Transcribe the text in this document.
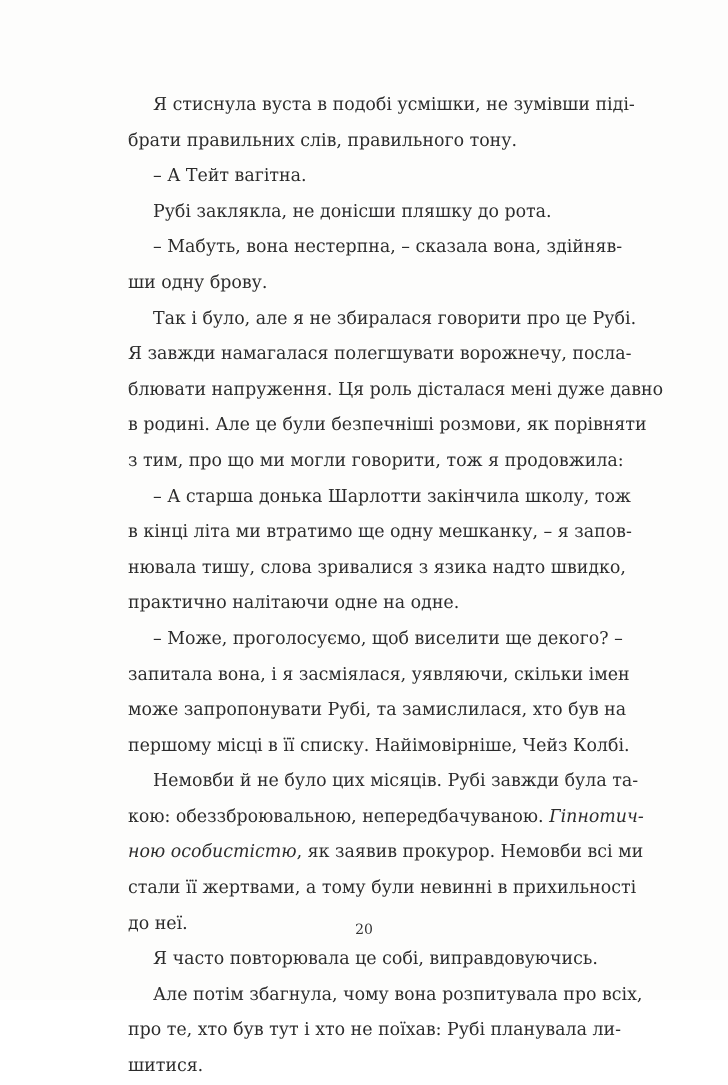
Я стиснула вуста в подобі усмішки, не зумівши піді-
брати правильних слів, правильного тону.
– А Тейт вагітна.
Рубі заклякла, не донісши пляшку до рота.
– Мабуть, вона нестерпна, – сказала вона, здійняв-
ши одну брову.
Так і було, але я не збиралася говорити про це Рубі.
Я завжди намагалася полегшувати ворожнечу, посла-
блювати напруження. Ця роль дісталася мені дуже давно
в родині. Але це були безпечніші розмови, як порівняти
з тим, про що ми могли говорити, тож я продовжила:
– А старша донька Шарлотти закінчила школу, тож
в кінці літа ми втратимо ще одну мешканку, – я запов-
нювала тишу, слова зривалися з язика надто швидко,
практично налітаючи одне на одне.
– Може, проголосуємо, щоб виселити ще декого? –
запитала вона, і я засміялася, уявляючи, скільки імен
може запропонувати Рубі, та замислилася, хто був на
першому місці в її списку. Найімовірніше, Чейз Колбі.
Немовби й не було цих місяців. Рубі завжди була та-
кою: обеззброювальною, непередбачуваною. Гіпнотич-
ною особистістю, як заявив прокурор. Немовби всі ми
стали її жертвами, а тому були невинні в прихильності
до неї.
Я часто повторювала це собі, виправдовуючись.
Але потім збагнула, чому вона розпитувала про всіх,
про те, хто був тут і хто не поїхав: Рубі планувала ли-
шитися.
20
